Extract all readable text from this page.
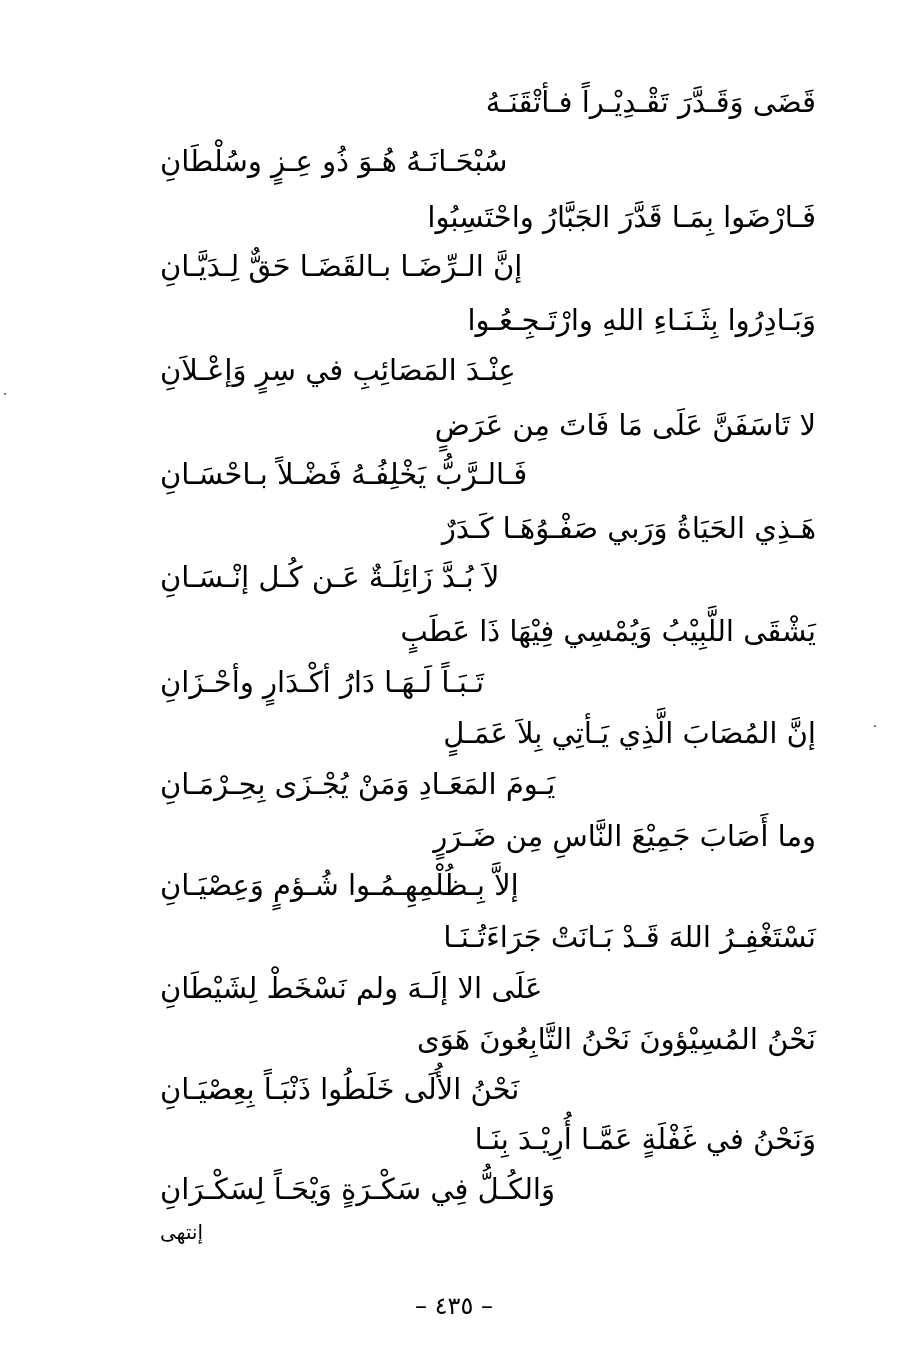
قَضَى وَقَـدَّرَ تَقْـدِيْـراً فـأتْقَنَـهُ
سُبْحَـانَـهُ هُـوَ ذُو عِـزٍ وسُلْطَانِ
فَـارْضَوا بِمَـا قَدَّرَ الجَبَّارُ واحْتَسِبُوا
إنَّ الـرِّضَـا بـالقَضَـا حَقٌّ لِـدَيَّـانِ
وَبَـادِرُوا بِثَـنَـاءِ اللهِ وارْتَـجِـعُـوا
عِنْـدَ المَصَائِبِ في سِرٍ وَإعْـلاَنِ
لا تَاسَفَنَّ عَلَى مَا فَاتَ مِن عَرَضٍ
فَـالـرَّبُّ يَخْلِفُـهُ فَضْـلاً بـاحْسَـانِ
هَـذِي الحَيَاةُ وَرَبي صَفْـوُهَـا كَـدَرٌ
لاَ بُـدَّ زَائِلَـةٌ عَـن كُـل إنْـسَـانِ
يَشْقَى اللَّبِيْبُ وَيُمْسِي فِيْهَا ذَا عَطَبٍ
تَـبَـاً لَـهَـا دَارُ أكْـدَارٍ وأحْـزَانِ
إنَّ المُصَابَ الَّذِي يَـأتِي بِلاَ عَمَـلٍ
يَـومَ المَعَـادِ وَمَنْ يُجْـزَى بِحِـرْمَـانِ
وما أَصَابَ جَمِيْعَ النَّاسِ مِن ضَـرَرٍ
إلاَّ بِـظُلْمِهِـمُـوا شُـؤمٍ وَعِصْيَـانِ
نَسْتَغْفِـرُ اللهَ قَـدْ بَـانَتْ جَرَاءَتُـنَـا
عَلَى الا إلَـهَ ولم نَسْخَطْ لِشَيْطَانِ
نَحْنُ المُسِيْؤونَ نَحْنُ التَّابِعُونَ هَوَى
نَحْنُ الأُلَى خَلَطُوا ذَنْبَـاً بِعِصْيَـانِ
وَنَحْنُ في غَفْلَةٍ عَمَّـا أُرِيْـدَ بِنَـا
وَالكُـلُّ فِي سَكْـرَةٍ وَيْحَـاً لِسَكْـرَانِ
إنتهى
– ٤٣٥ –
